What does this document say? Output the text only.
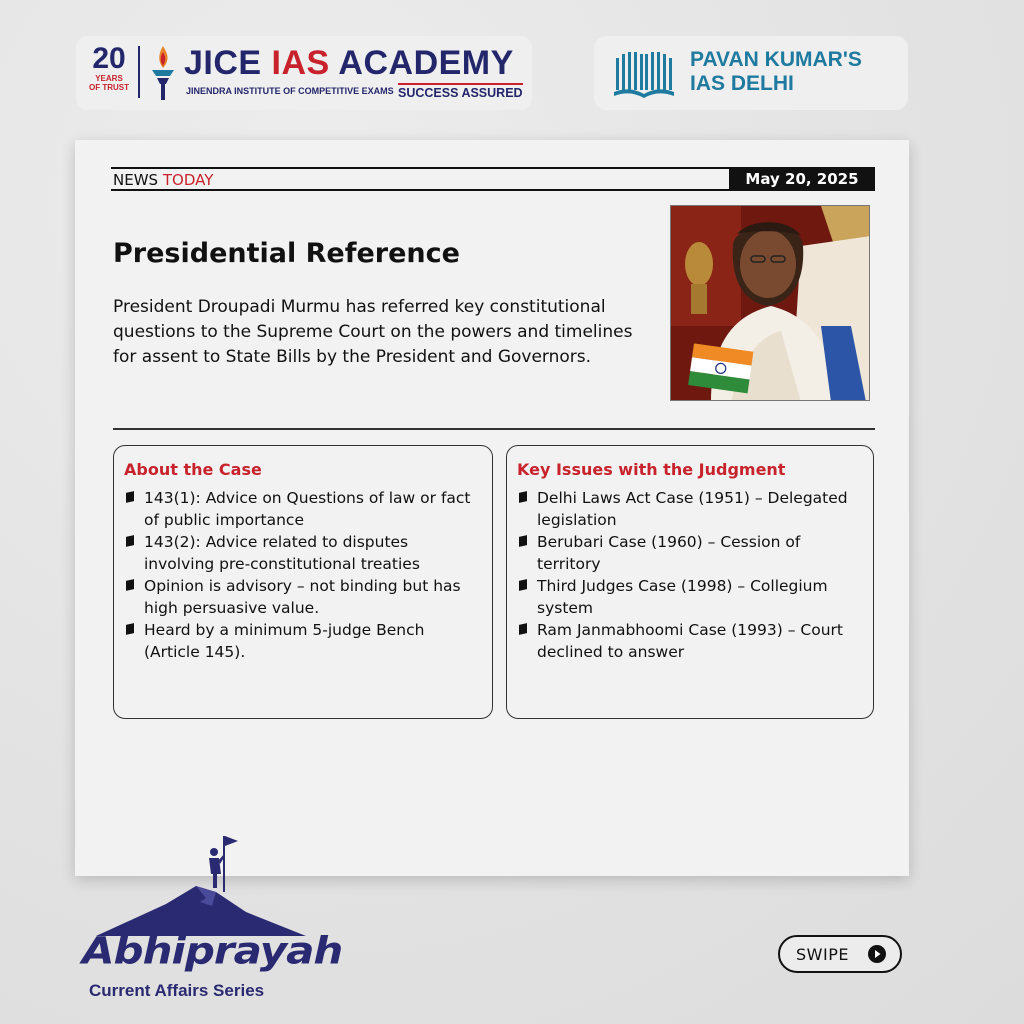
20
YEARS
OF TRUST
JICE IAS ACADEMY
JINENDRA INSTITUTE OF COMPETITIVE EXAMS SUCCESS ASSURED
PAVAN KUMAR'S
IAS DELHI
NEWS TODAY	May 20, 2025
Presidential Reference
President Droupadi Murmu has referred key constitutional questions to the Supreme Court on the powers and timelines for assent to State Bills by the President and Governors.
About the Case
143(1): Advice on Questions of law or fact of public importance
143(2): Advice related to disputes involving pre-constitutional treaties
Opinion is advisory – not binding but has high persuasive value.
Heard by a minimum 5-judge Bench (Article 145).
Key Issues with the Judgment
Delhi Laws Act Case (1951) – Delegated legislation
Berubari Case (1960) – Cession of territory
Third Judges Case (1998) – Collegium system
Ram Janmabhoomi Case (1993) – Court declined to answer
Abhiprayah
Current Affairs Series
SWIPE
